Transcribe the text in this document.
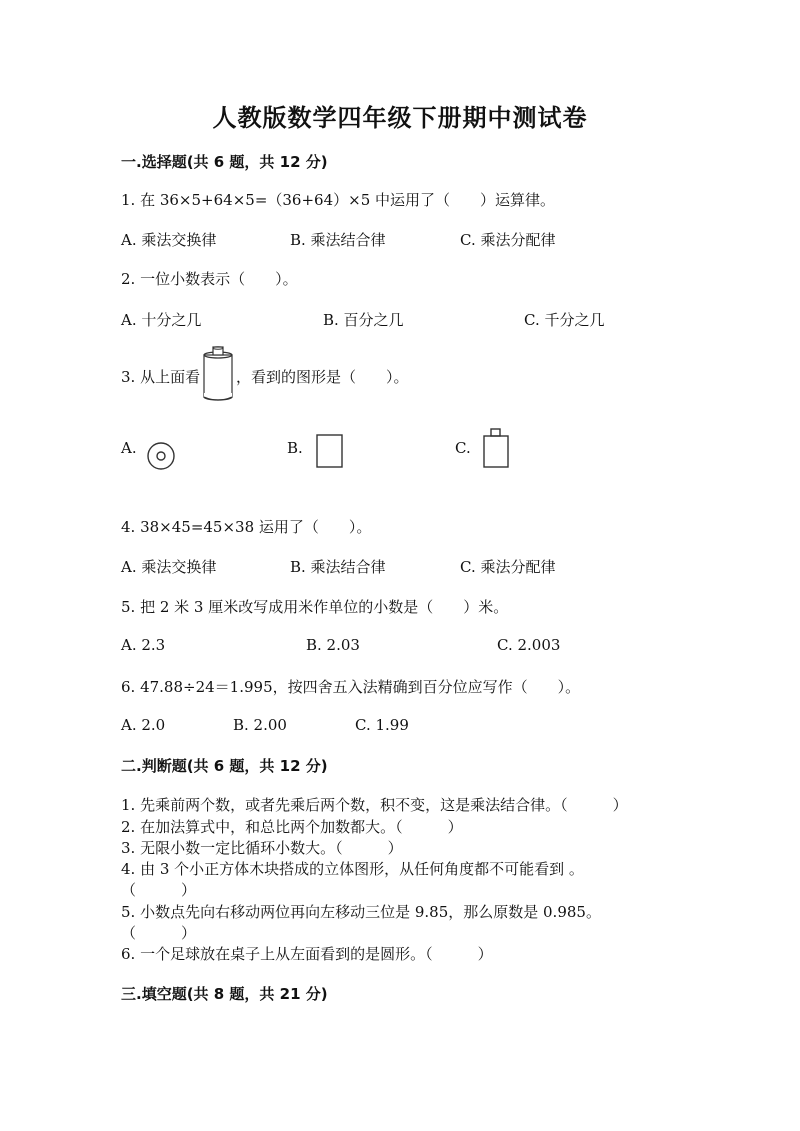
人教版数学四年级下册期中测试卷
一.选择题(共 6 题，共 12 分)
1. 在 36×5+64×5=（36+64）×5 中运用了（　　）运算律。
A. 乘法交换律	B. 乘法结合律	C. 乘法分配律
2. 一位小数表示（　　）。
A. 十分之几	B. 百分之几	C. 千分之几
3. 从上面看 ，看到的图形是（　　）。
A.	B.	C.
4. 38×45=45×38 运用了（　　）。
A. 乘法交换律	B. 乘法结合律	C. 乘法分配律
5. 把 2 米 3 厘米改写成用米作单位的小数是（　　）米。
A. 2.3	B. 2.03	C. 2.003
6. 47.88÷24＝1.995，按四舍五入法精确到百分位应写作（　　）。
A. 2.0	B. 2.00	C. 1.99
二.判断题(共 6 题，共 12 分)
1. 先乘前两个数，或者先乘后两个数，积不变，这是乘法结合律。（　　　）
2. 在加法算式中，和总比两个加数都大。（　　　）
3. 无限小数一定比循环小数大。（　　　）
4. 由 3 个小正方体木块搭成的立体图形，从任何角度都不可能看到 。
（　　　）
5. 小数点先向右移动两位再向左移动三位是 9.85，那么原数是 0.985。
（　　　）
6. 一个足球放在桌子上从左面看到的是圆形。（　　　）
三.填空题(共 8 题，共 21 分)
